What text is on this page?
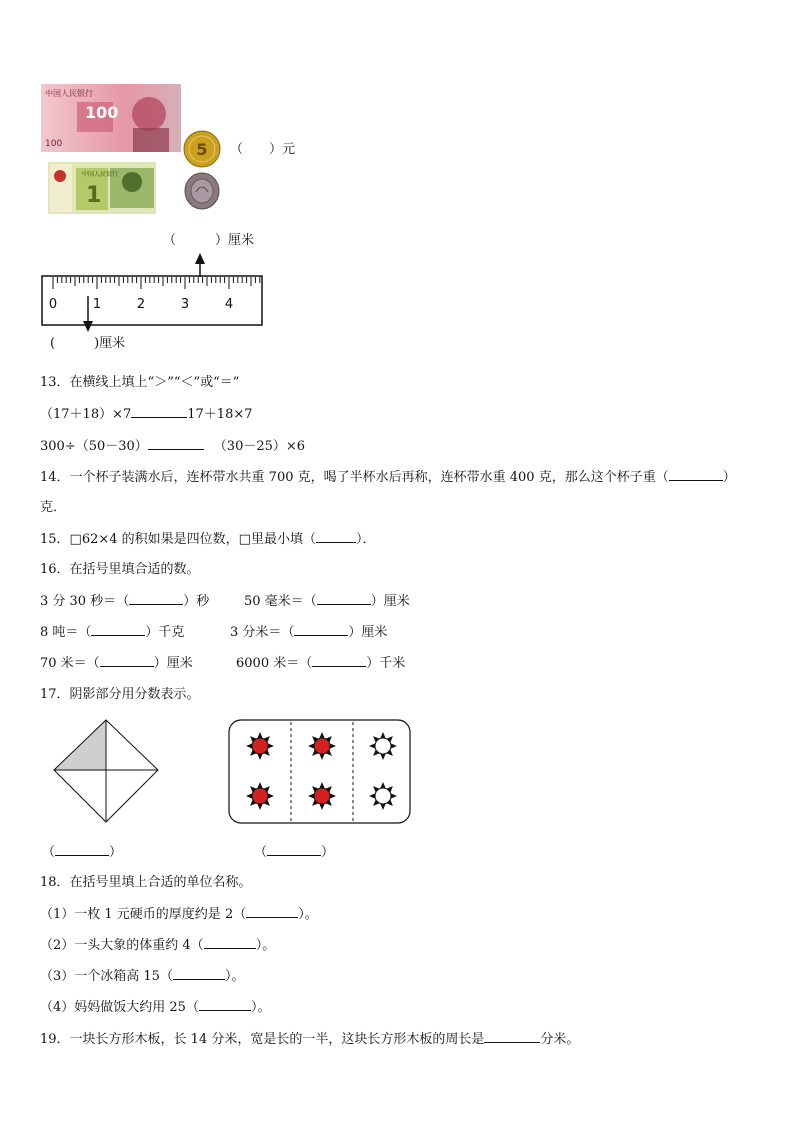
中国人民银行
100
100	5 （　　）元
中国人民银行
1
（　　　）厘米
0	1	2	3	4
(　　　)厘米
13．在横线上填上“＞”“＜”或“＝”
（17＋18）×7	17＋18×7
300÷（50－30）	（30－25）×6
14．一个杯子装满水后，连杯带水共重 700 克，喝了半杯水后再称，连杯带水重 400 克，那么这个杯子重（	）
克．
15．□62×4 的积如果是四位数，□里最小填（	）．
16．在括号里填合适的数。
3 分 30 秒＝（	）秒	50 毫米＝（	）厘米
8 吨＝（	）千克	3 分米＝（	）厘米
70 米＝（	）厘米	6000 米＝（	）千米
17．阴影部分用分数表示。
（	）	（	）
18．在括号里填上合适的单位名称。
（1）一枚 1 元硬币的厚度约是 2（	）。
（2）一头大象的体重约 4（	）。
（3）一个冰箱高 15（	）。
（4）妈妈做饭大约用 25（	）。
19．一块长方形木板，长 14 分米，宽是长的一半，这块长方形木板的周长是	分米。
